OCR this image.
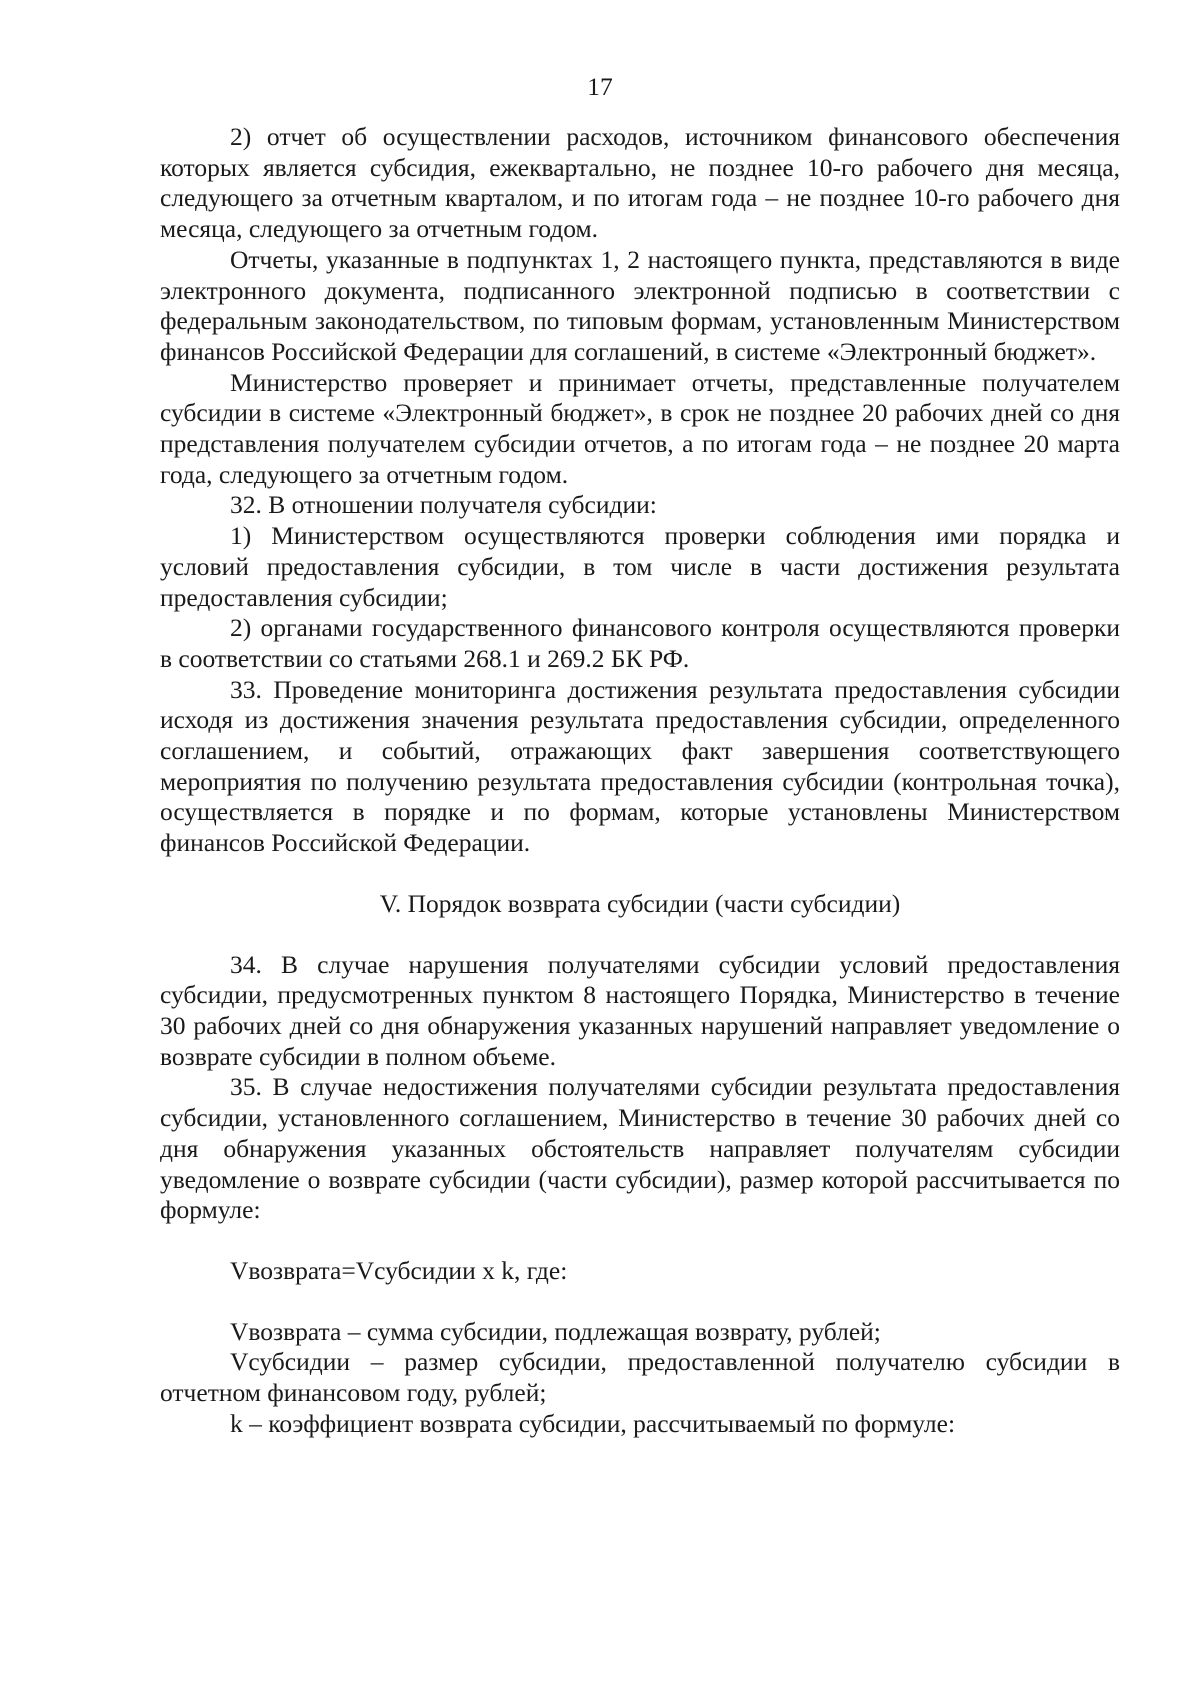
17

2) отчет об осуществлении расходов, источником финансового обеспечения которых является субсидия, ежеквартально, не позднее 10-го рабочего дня месяца, следующего за отчетным кварталом, и по итогам года – не позднее 10-го рабочего дня месяца, следующего за отчетным годом.

Отчеты, указанные в подпунктах 1, 2 настоящего пункта, представляются в виде электронного документа, подписанного электронной подписью в соответствии с федеральным законодательством, по типовым формам, установленным Министерством финансов Российской Федерации для соглашений, в системе «Электронный бюджет».

Министерство проверяет и принимает отчеты, представленные получателем субсидии в системе «Электронный бюджет», в срок не позднее 20 рабочих дней со дня представления получателем субсидии отчетов, а по итогам года – не позднее 20 марта года, следующего за отчетным годом.

32. В отношении получателя субсидии:

1) Министерством осуществляются проверки соблюдения ими порядка и условий предоставления субсидии, в том числе в части достижения результата предоставления субсидии;

2) органами государственного финансового контроля осуществляются проверки в соответствии со статьями 268.1 и 269.2 БК РФ.

33. Проведение мониторинга достижения результата предоставления субсидии исходя из достижения значения результата предоставления субсидии, определенного соглашением, и событий, отражающих факт завершения соответствующего мероприятия по получению результата предоставления субсидии (контрольная точка), осуществляется в порядке и по формам, которые установлены Министерством финансов Российской Федерации.

V. Порядок возврата субсидии (части субсидии)

34. В случае нарушения получателями субсидии условий предоставления субсидии, предусмотренных пунктом 8 настоящего Порядка, Министерство в течение 30 рабочих дней со дня обнаружения указанных нарушений направляет уведомление о возврате субсидии в полном объеме.

35. В случае недостижения получателями субсидии результата предоставления субсидии, установленного соглашением, Министерство в течение 30 рабочих дней со дня обнаружения указанных обстоятельств направляет получателям субсидии уведомление о возврате субсидии (части субсидии), размер которой рассчитывается по формуле:

Vвозврата=Vсубсидии x k, где:

Vвозврата – сумма субсидии, подлежащая возврату, рублей;

Vсубсидии – размер субсидии, предоставленной получателю субсидии в отчетном финансовом году, рублей;

k – коэффициент возврата субсидии, рассчитываемый по формуле:
